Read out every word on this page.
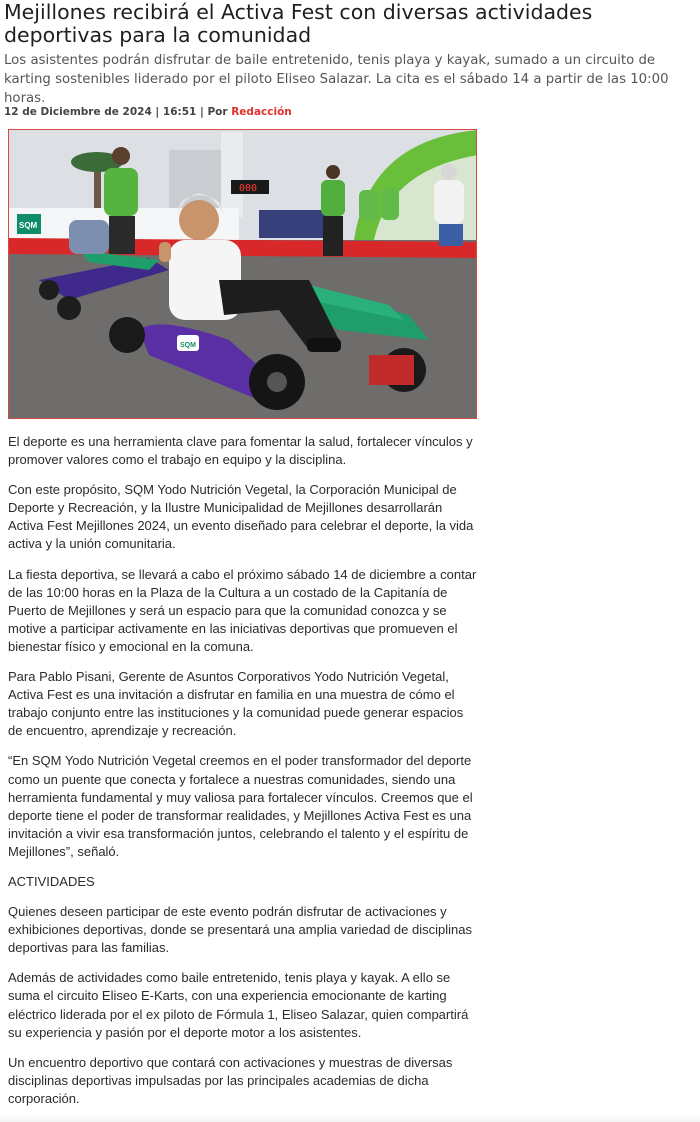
Mejillones recibirá el Activa Fest con diversas actividades deportivas para la comunidad
Los asistentes podrán disfrutar de baile entretenido, tenis playa y kayak, sumado a un circuito de karting sostenibles liderado por el piloto Eliseo Salazar. La cita es el sábado 14 a partir de las 10:00 horas.
12 de Diciembre de 2024 | 16:51 | Por Redacción
SQM
000
SQM

El deporte es una herramienta clave para fomentar la salud, fortalecer vínculos y promover valores como el trabajo en equipo y la disciplina.

Con este propósito, SQM Yodo Nutrición Vegetal, la Corporación Municipal de Deporte y Recreación, y la Ilustre Municipalidad de Mejillones desarrollarán Activa Fest Mejillones 2024, un evento diseñado para celebrar el deporte, la vida activa y la unión comunitaria.

La fiesta deportiva, se llevará a cabo el próximo sábado 14 de diciembre a contar de las 10:00 horas en la Plaza de la Cultura a un costado de la Capitanía de Puerto de Mejillones y será un espacio para que la comunidad conozca y se motive a participar activamente en las iniciativas deportivas que promueven el bienestar físico y emocional en la comuna.

Para Pablo Pisani, Gerente de Asuntos Corporativos Yodo Nutrición Vegetal, Activa Fest es una invitación a disfrutar en familia en una muestra de cómo el trabajo conjunto entre las instituciones y la comunidad puede generar espacios de encuentro, aprendizaje y recreación.

“En SQM Yodo Nutrición Vegetal creemos en el poder transformador del deporte como un puente que conecta y fortalece a nuestras comunidades, siendo una herramienta fundamental y muy valiosa para fortalecer vínculos. Creemos que el deporte tiene el poder de transformar realidades, y Mejillones Activa Fest es una invitación a vivir esa transformación juntos, celebrando el talento y el espíritu de Mejillones”, señaló.

ACTIVIDADES

Quienes deseen participar de este evento podrán disfrutar de activaciones y exhibiciones deportivas, donde se presentará una amplia variedad de disciplinas deportivas para las familias.

Además de actividades como baile entretenido, tenis playa y kayak. A ello se suma el circuito Eliseo E-Karts, con una experiencia emocionante de karting eléctrico liderada por el ex piloto de Fórmula 1, Eliseo Salazar, quien compartirá su experiencia y pasión por el deporte motor a los asistentes.

Un encuentro deportivo que contará con activaciones y muestras de diversas disciplinas deportivas impulsadas por las principales academias de dicha corporación.
